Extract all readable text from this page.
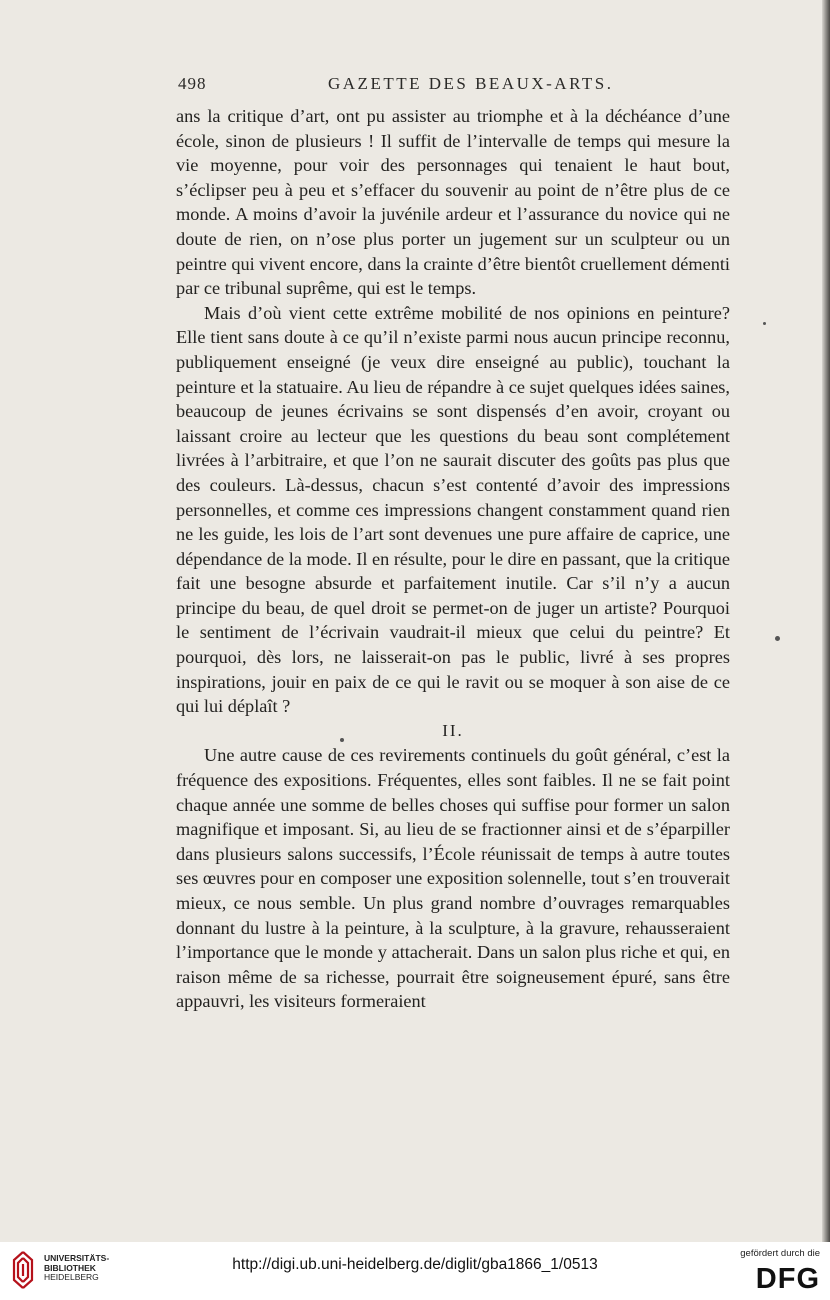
498	GAZETTE DES BEAUX-ARTS.

ans la critique d’art, ont pu assister au triomphe et à la déchéance d’une école, sinon de plusieurs ! Il suffit de l’intervalle de temps qui mesure la vie moyenne, pour voir des personnages qui tenaient le haut bout, s’éclipser peu à peu et s’effacer du souvenir au point de n’être plus de ce monde. A moins d’avoir la juvénile ardeur et l’assurance du novice qui ne doute de rien, on n’ose plus porter un jugement sur un sculpteur ou un peintre qui vivent encore, dans la crainte d’être bientôt cruellement démenti par ce tribunal suprême, qui est le temps.

Mais d’où vient cette extrême mobilité de nos opinions en peinture? Elle tient sans doute à ce qu’il n’existe parmi nous aucun principe reconnu, publiquement enseigné (je veux dire enseigné au public), touchant la peinture et la statuaire. Au lieu de répandre à ce sujet quelques idées saines, beaucoup de jeunes écrivains se sont dispensés d’en avoir, croyant ou laissant croire au lecteur que les questions du beau sont complétement livrées à l’arbitraire, et que l’on ne saurait discuter des goûts pas plus que des couleurs. Là-dessus, chacun s’est contenté d’avoir des impressions personnelles, et comme ces impressions changent constamment quand rien ne les guide, les lois de l’art sont devenues une pure affaire de caprice, une dépendance de la mode. Il en résulte, pour le dire en passant, que la critique fait une besogne absurde et parfaitement inutile. Car s’il n’y a aucun principe du beau, de quel droit se permet-on de juger un artiste? Pourquoi le sentiment de l’écrivain vaudrait-il mieux que celui du peintre? Et pourquoi, dès lors, ne laisserait-on pas le public, livré à ses propres inspirations, jouir en paix de ce qui le ravit ou se moquer à son aise de ce qui lui déplaît ?

II.

Une autre cause de ces revirements continuels du goût général, c’est la fréquence des expositions. Fréquentes, elles sont faibles. Il ne se fait point chaque année une somme de belles choses qui suffise pour former un salon magnifique et imposant. Si, au lieu de se fractionner ainsi et de s’éparpiller dans plusieurs salons successifs, l’École réunissait de temps à autre toutes ses œuvres pour en composer une exposition solennelle, tout s’en trouverait mieux, ce nous semble. Un plus grand nombre d’ouvrages remarquables donnant du lustre à la peinture, à la sculpture, à la gravure, rehausseraient l’importance que le monde y attacherait. Dans un salon plus riche et qui, en raison même de sa richesse, pourrait être soigneusement épuré, sans être appauvri, les visiteurs formeraient

UNIVERSITÄTS-
BIBLIOTHEK
HEIDELBERG
http://digi.ub.uni-heidelberg.de/diglit/gba1866_1/0513
gefördert durch die
DFG
